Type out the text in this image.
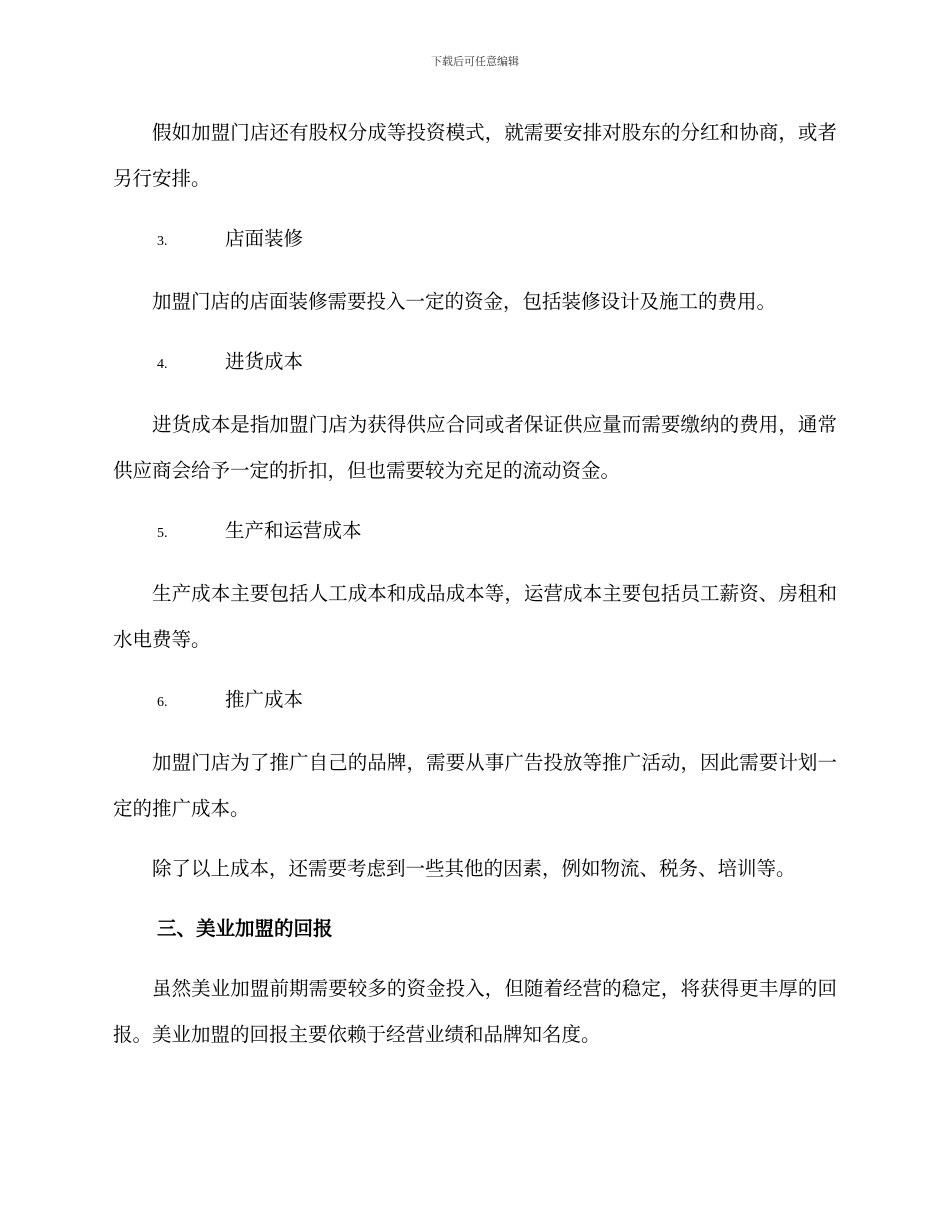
下载后可任意编辑

假如加盟门店还有股权分成等投资模式，就需要安排对股东的分红和协商，或者另行安排。

3.	店面装修

加盟门店的店面装修需要投入一定的资金，包括装修设计及施工的费用。

4.	进货成本

进货成本是指加盟门店为获得供应合同或者保证供应量而需要缴纳的费用，通常供应商会给予一定的折扣，但也需要较为充足的流动资金。

5.	生产和运营成本

生产成本主要包括人工成本和成品成本等，运营成本主要包括员工薪资、房租和水电费等。

6.	推广成本

加盟门店为了推广自己的品牌，需要从事广告投放等推广活动，因此需要计划一定的推广成本。

除了以上成本，还需要考虑到一些其他的因素，例如物流、税务、培训等。

三、美业加盟的回报

虽然美业加盟前期需要较多的资金投入，但随着经营的稳定，将获得更丰厚的回报。美业加盟的回报主要依赖于经营业绩和品牌知名度。
